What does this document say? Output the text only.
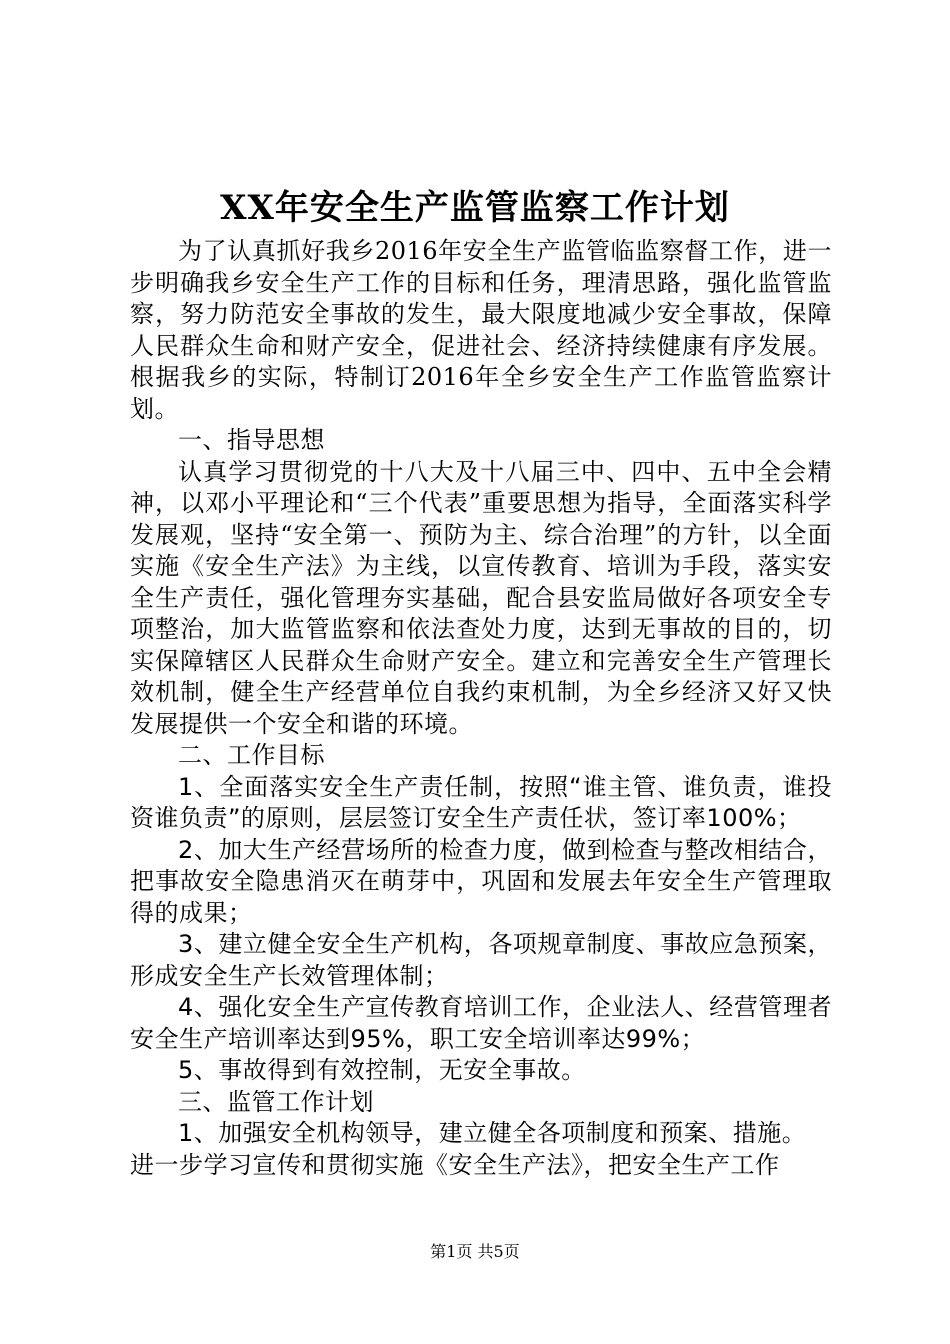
XX年安全生产监管监察工作计划

为了认真抓好我乡2016年安全生产监管临监察督工作，进一步明确我乡安全生产工作的目标和任务，理清思路，强化监管监察，努力防范安全事故的发生，最大限度地减少安全事故，保障人民群众生命和财产安全，促进社会、经济持续健康有序发展。根据我乡的实际，特制订2016年全乡安全生产工作监管监察计划。

一、指导思想

认真学习贯彻党的十八大及十八届三中、四中、五中全会精神，以邓小平理论和“三个代表”重要思想为指导，全面落实科学发展观，坚持“安全第一、预防为主、综合治理”的方针，以全面实施《安全生产法》为主线，以宣传教育、培训为手段，落实安全生产责任，强化管理夯实基础，配合县安监局做好各项安全专项整治，加大监管监察和依法查处力度，达到无事故的目的，切实保障辖区人民群众生命财产安全。建立和完善安全生产管理长效机制，健全生产经营单位自我约束机制，为全乡经济又好又快发展提供一个安全和谐的环境。

二、工作目标

1、全面落实安全生产责任制，按照“谁主管、谁负责，谁投资谁负责”的原则，层层签订安全生产责任状，签订率100%；

2、加大生产经营场所的检查力度，做到检查与整改相结合，把事故安全隐患消灭在萌芽中，巩固和发展去年安全生产管理取得的成果；

3、建立健全安全生产机构，各项规章制度、事故应急预案，形成安全生产长效管理体制；

4、强化安全生产宣传教育培训工作，企业法人、经营管理者安全生产培训率达到95%，职工安全培训率达99%；

5、事故得到有效控制，无安全事故。

三、监管工作计划

1、加强安全机构领导，建立健全各项制度和预案、措施。

进一步学习宣传和贯彻实施《安全生产法》，把安全生产工作

第1页 共5页
